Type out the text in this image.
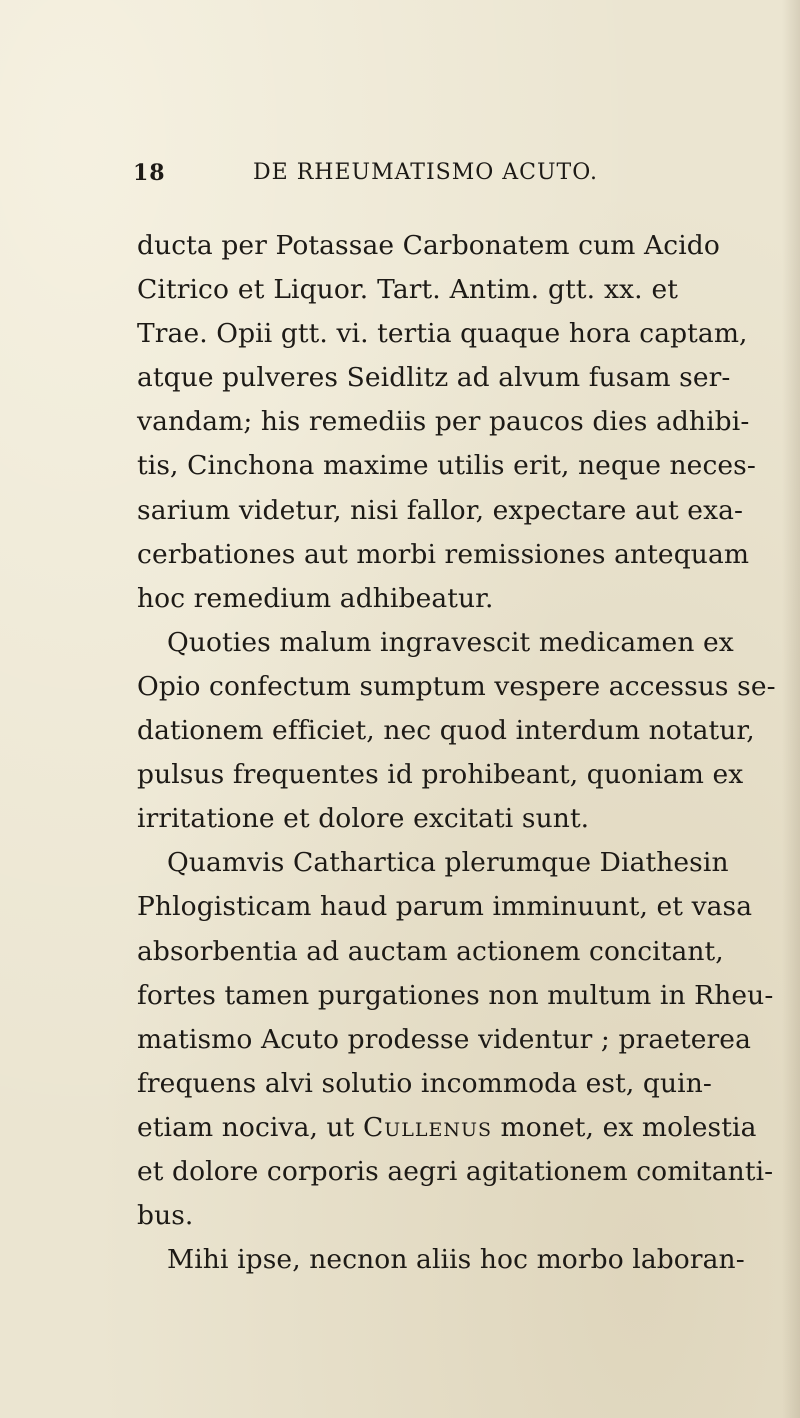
18	DE RHEUMATISMO ACUTO.
ducta per Potassae Carbonatem cum Acido
Citrico et Liquor. Tart. Antim. gtt. xx. et
Trae. Opii gtt. vi. tertia quaque hora captam,
atque pulveres Seidlitz ad alvum fusam ser-
vandam; his remediis per paucos dies adhibi-
tis, Cinchona maxime utilis erit, neque neces-
sarium videtur, nisi fallor, expectare aut exa-
cerbationes aut morbi remissiones antequam
hoc remedium adhibeatur.
Quoties malum ingravescit medicamen ex
Opio confectum sumptum vespere accessus se-
dationem efficiet, nec quod interdum notatur,
pulsus frequentes id prohibeant, quoniam ex
irritatione et dolore excitati sunt.
Quamvis Cathartica plerumque Diathesin
Phlogisticam haud parum imminuunt, et vasa
absorbentia ad auctam actionem concitant,
fortes tamen purgationes non multum in Rheu-
matismo Acuto prodesse videntur ; praeterea
frequens alvi solutio incommoda est, quin-
etiam nociva, ut Cullenus monet, ex molestia
et dolore corporis aegri agitationem comitanti-
bus.
Mihi ipse, necnon aliis hoc morbo laboran-
